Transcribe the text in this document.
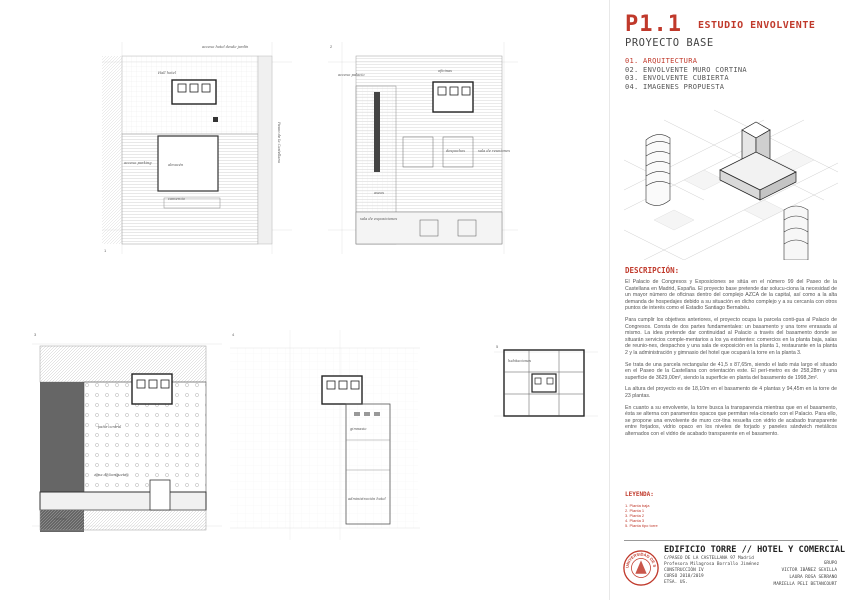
acceso hotel desde jardín
Hall hotel
acceso parking	almacén
comercio
Paseo de la Castellana
1
oficinas
acceso palacio
sala de exposiciones
despachos	sala de reuniones
aseos
2
patio central
zona de banquetes
cocina
3
gimnasio
administración hotel
4
habitaciones
5
P1.1 ESTUDIO ENVOLVENTE
PROYECTO BASE
01. ARQUITECTURA
02. ENVOLVENTE MURO CORTINA
03. ENVOLVENTE CUBIERTA
04. IMAGENES PROPUESTA
DESCRIPCIÓN:

El Palacio de Congresos y Exposiciones se sitúa en el número 99 del Paseo de la Castellana en Madrid, España. El proyecto base pretende dar solucu-ciona la necesidad de un mayor número de oficinas dentro del complejo AZCA de la capital, así como a la alta demanda de hospedajes debido a su situación en dicho complejo y a su cercanía con otros puntos de interés como el Estadio Santiago Bernabéu.

Para cumplir los objetivos anteriores, el proyecto ocupa la parcela conti-gua al Palacio de Congresos. Consta de dos partes fundamentales: un basamento y una torre enrasada al mismo. La idea pretende dar continuidad al Palacio a través del basamento donde se situarán servicios comple-mentarios a los ya existentes: comercios en la planta baja, salas de reunio-nes, despachos y una sala de exposición en la planta 1, restaurante en la planta 2 y la administración y gimnasio del hotel que ocupará la torre en la planta 3.

Se trata de una parcela rectangular de 41,5 x 87,65m, siendo el lado más largo el situado en el Paseo de la Castellana con orientación este. El perí-metro es de 258,28m y una superficie de 3629,00m², siendo la superficie en planta del basamento de 1998,3m².

La altura del proyecto es de 18,10m en el basamento de 4 plantas y 94,45m en la torre de 23 plantas.

En cuanto a su envolvente, la torre busca la transparencia mientras que en el basamento, ésta se alterna con paramentos opacos que permitan rela-cionarlo con el Palacio. Para ello, se propone una envolvente de muro cor-tina resuelta con vidrio de acabado transparente entre forjados, vidrio opaco en los niveles de forjado y paneles sándwich metálicos alternados con el vidrio de acabado transparente en el basamento.

LEYENDA:
1. Planta baja
2. Planta 1
3. Planta 2
4. Planta 3
5. Planta tipo torre
UNIVERSIDAD DE S
EDIFICIO TORRE // HOTEL Y COMERCIAL
C/PASEO DE LA CASTELLANA 97 Madrid
Profesora Milagrosa Borrallo Jiménez
CONSTRUCCIÓN IV
CURSO 2018/2019
ETSA. US.
GRUPO
VICTOR IBÁÑEZ SEVILLA
LAURA ROSA SERRANO
MARIELLA PELI BETANCOURT
